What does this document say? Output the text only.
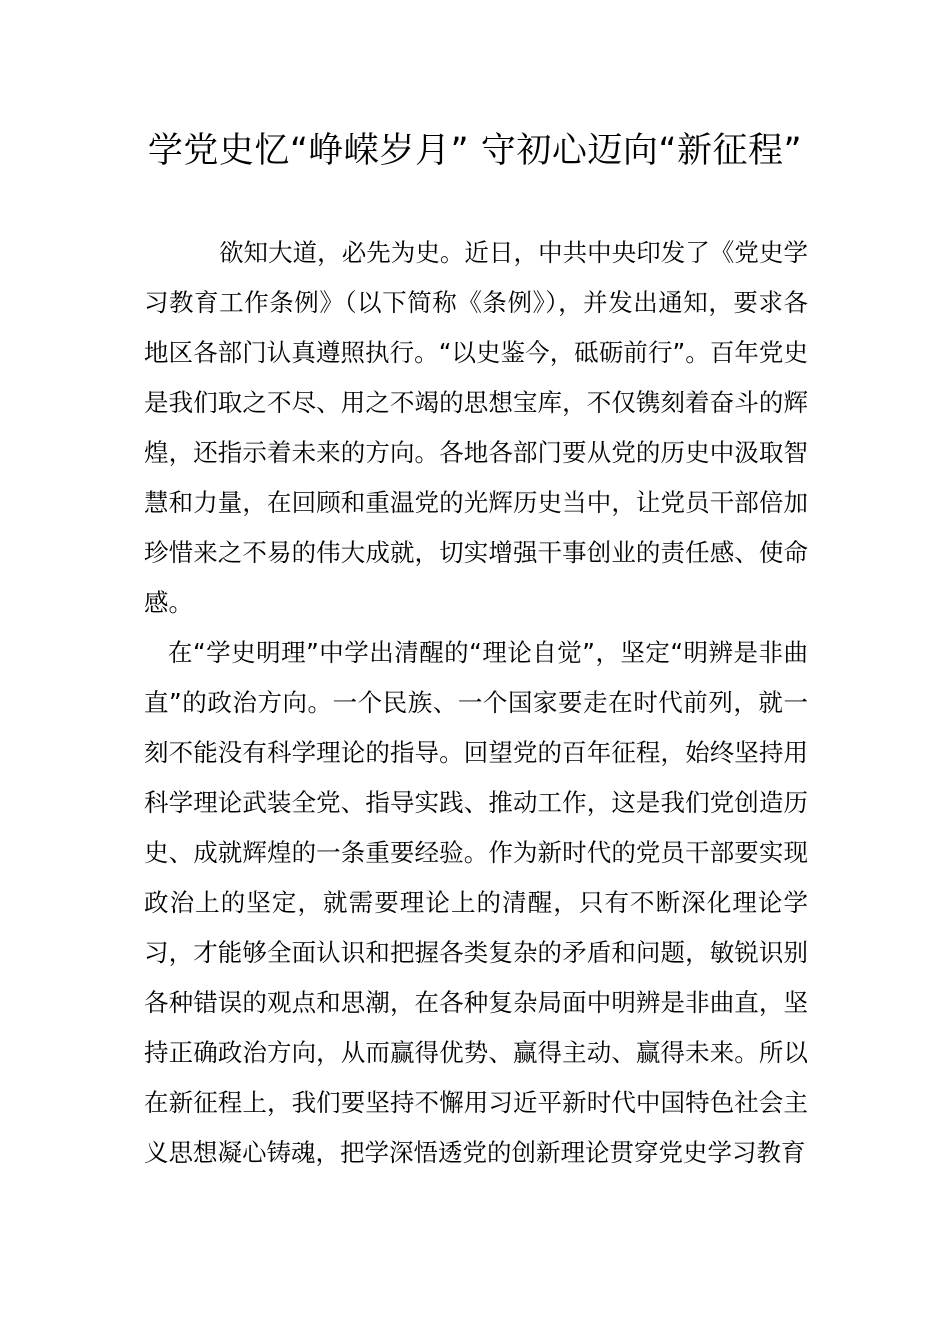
学党史忆“峥嵘岁月” 守初心迈向“新征程”

欲知大道，必先为史。近日，中共中央印发了《党史学习教育工作条例》（以下简称《条例》），并发出通知，要求各地区各部门认真遵照执行。“以史鉴今，砥砺前行”。百年党史是我们取之不尽、用之不竭的思想宝库，不仅镌刻着奋斗的辉煌，还指示着未来的方向。各地各部门要从党的历史中汲取智慧和力量，在回顾和重温党的光辉历史当中，让党员干部倍加珍惜来之不易的伟大成就，切实增强干事创业的责任感、使命感。

在“学史明理”中学出清醒的“理论自觉”，坚定“明辨是非曲直”的政治方向。一个民族、一个国家要走在时代前列，就一刻不能没有科学理论的指导。回望党的百年征程，始终坚持用科学理论武装全党、指导实践、推动工作，这是我们党创造历史、成就辉煌的一条重要经验。作为新时代的党员干部要实现政治上的坚定，就需要理论上的清醒，只有不断深化理论学习，才能够全面认识和把握各类复杂的矛盾和问题，敏锐识别各种错误的观点和思潮，在各种复杂局面中明辨是非曲直，坚持正确政治方向，从而赢得优势、赢得主动、赢得未来。所以在新征程上，我们要坚持不懈用习近平新时代中国特色社会主义思想凝心铸魂，把学深悟透党的创新理论贯穿党史学习教育
